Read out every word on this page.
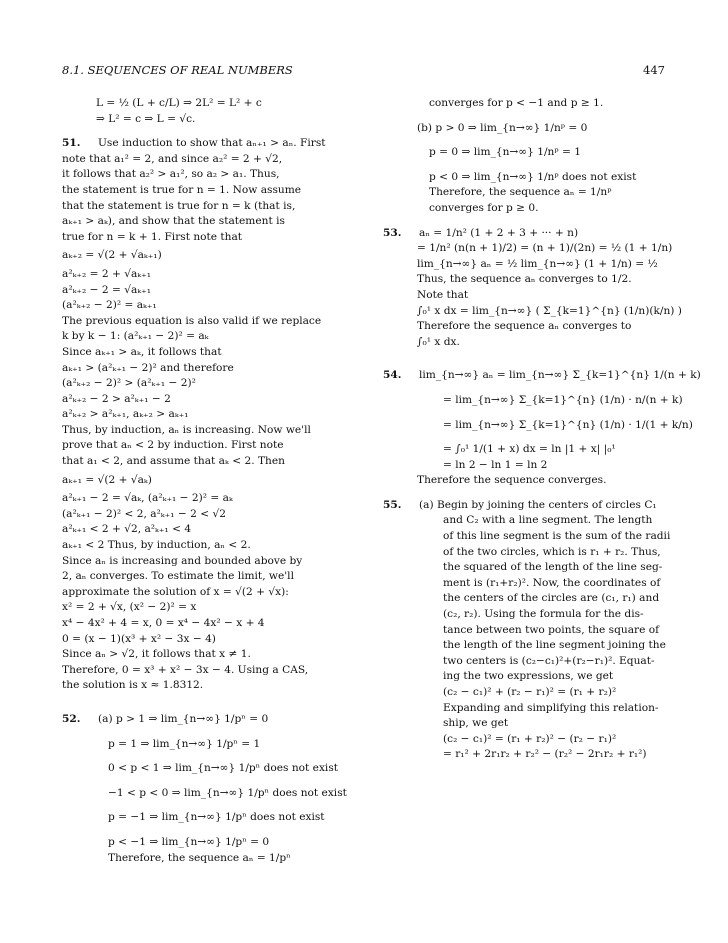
8.1. SEQUENCES OF REAL NUMBERS	447
L = ½ (L + c/L) ⇒ 2L² = L² + c
⇒ L² = c ⇒ L = √c.
51. Use induction to show that aₙ₊₁ > aₙ. First
note that a₁² = 2, and since a₂² = 2 + √2,
it follows that a₂² > a₁², so a₂ > a₁. Thus,
the statement is true for n = 1. Now assume
that the statement is true for n = k (that is,
aₖ₊₁ > aₖ), and show that the statement is
true for n = k + 1. First note that
aₖ₊₂ = √(2 + √aₖ₊₁)
a²ₖ₊₂ = 2 + √aₖ₊₁
a²ₖ₊₂ − 2 = √aₖ₊₁
(a²ₖ₊₂ − 2)² = aₖ₊₁
The previous equation is also valid if we replace
k by k − 1: (a²ₖ₊₁ − 2)² = aₖ
Since aₖ₊₁ > aₖ, it follows that
aₖ₊₁ > (a²ₖ₊₁ − 2)² and therefore
(a²ₖ₊₂ − 2)² > (a²ₖ₊₁ − 2)²
a²ₖ₊₂ − 2 > a²ₖ₊₁ − 2
a²ₖ₊₂ > a²ₖ₊₁, aₖ₊₂ > aₖ₊₁
Thus, by induction, aₙ is increasing. Now we'll
prove that aₙ < 2 by induction. First note
that a₁ < 2, and assume that aₖ < 2. Then
aₖ₊₁ = √(2 + √aₖ)
a²ₖ₊₁ − 2 = √aₖ, (a²ₖ₊₁ − 2)² = aₖ
(a²ₖ₊₁ − 2)² < 2, a²ₖ₊₁ − 2 < √2
a²ₖ₊₁ < 2 + √2, a²ₖ₊₁ < 4
aₖ₊₁ < 2 Thus, by induction, aₙ < 2.
Since aₙ is increasing and bounded above by
2, aₙ converges. To estimate the limit, we'll
approximate the solution of x = √(2 + √x):
x² = 2 + √x, (x² − 2)² = x
x⁴ − 4x² + 4 = x, 0 = x⁴ − 4x² − x + 4
0 = (x − 1)(x³ + x² − 3x − 4)
Since aₙ > √2, it follows that x ≠ 1.
Therefore, 0 = x³ + x² − 3x − 4. Using a CAS,
the solution is x ≈ 1.8312.
52. (a) p > 1 ⇒ lim_{n→∞} 1/pⁿ = 0
p = 1 ⇒ lim_{n→∞} 1/pⁿ = 1
0 < p < 1 ⇒ lim_{n→∞} 1/pⁿ does not exist
−1 < p < 0 ⇒ lim_{n→∞} 1/pⁿ does not exist
p = −1 ⇒ lim_{n→∞} 1/pⁿ does not exist
p < −1 ⇒ lim_{n→∞} 1/pⁿ = 0
Therefore, the sequence aₙ = 1/pⁿ
converges for p < −1 and p ≥ 1.
(b) p > 0 ⇒ lim_{n→∞} 1/nᵖ = 0
p = 0 ⇒ lim_{n→∞} 1/nᵖ = 1
p < 0 ⇒ lim_{n→∞} 1/nᵖ does not exist
Therefore, the sequence aₙ = 1/nᵖ
converges for p ≥ 0.
53. aₙ = 1/n² (1 + 2 + 3 + ··· + n)
= 1/n² (n(n + 1)/2) = (n + 1)/(2n) = ½ (1 + 1/n)
lim_{n→∞} aₙ = ½ lim_{n→∞} (1 + 1/n) = ½
Thus, the sequence aₙ converges to 1/2.
Note that
∫₀¹ x dx = lim_{n→∞} ( Σ_{k=1}^{n} (1/n)(k/n) )
Therefore the sequence aₙ converges to
∫₀¹ x dx.
54. lim_{n→∞} aₙ = lim_{n→∞} Σ_{k=1}^{n} 1/(n + k)
= lim_{n→∞} Σ_{k=1}^{n} (1/n) · n/(n + k)
= lim_{n→∞} Σ_{k=1}^{n} (1/n) · 1/(1 + k/n)
= ∫₀¹ 1/(1 + x) dx = ln |1 + x| |₀¹
= ln 2 − ln 1 = ln 2
Therefore the sequence converges.
55. (a) Begin by joining the centers of circles C₁
and C₂ with a line segment. The length
of this line segment is the sum of the radii
of the two circles, which is r₁ + r₂. Thus,
the squared of the length of the line seg-
ment is (r₁+r₂)². Now, the coordinates of
the centers of the circles are (c₁, r₁) and
(c₂, r₂). Using the formula for the dis-
tance between two points, the square of
the length of the line segment joining the
two centers is (c₂−c₁)²+(r₂−r₁)². Equat-
ing the two expressions, we get
(c₂ − c₁)² + (r₂ − r₁)² = (r₁ + r₂)²
Expanding and simplifying this relation-
ship, we get
(c₂ − c₁)² = (r₁ + r₂)² − (r₂ − r₁)²
= r₁² + 2r₁r₂ + r₂² − (r₂² − 2r₁r₂ + r₁²)
